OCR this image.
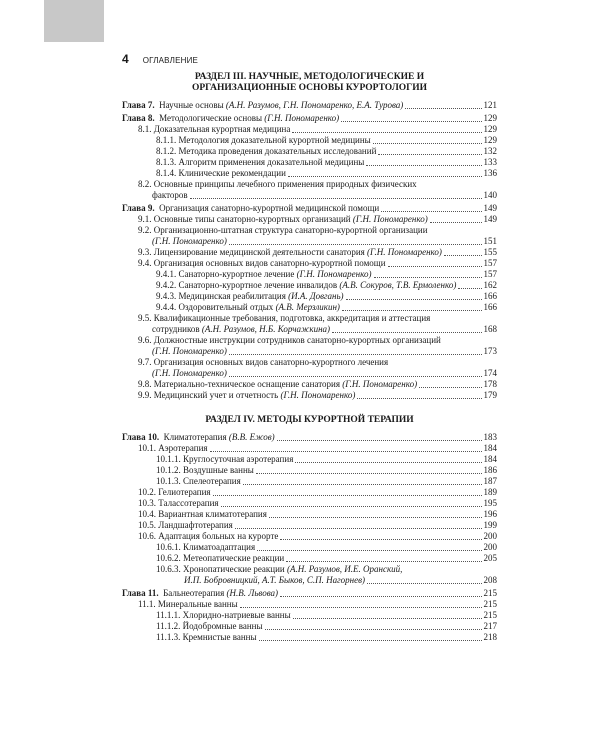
4 ОГЛАВЛЕНИЕ
РАЗДЕЛ III. НАУЧНЫЕ, МЕТОДОЛОГИЧЕСКИЕ И ОРГАНИЗАЦИОННЫЕ ОСНОВЫ КУРОРТОЛОГИИ
Глава 7. Научные основы (А.Н. Разумов, Г.Н. Пономаренко, Е.А. Турова)	121
Глава 8. Методологические основы (Г.Н. Пономаренко)	129
8.1. Доказательная курортная медицина	129
8.1.1. Методология доказательной курортной медицины	129
8.1.2. Методика проведения доказательных исследований	132
8.1.3. Алгоритм применения доказательной медицины	133
8.1.4. Клинические рекомендации	136
8.2. Основные принципы лечебного применения природных физических
факторов	140
Глава 9. Организация санаторно-курортной медицинской помощи	149
9.1. Основные типы санаторно-курортных организаций (Г.Н. Пономаренко)	149
9.2. Организационно-штатная структура санаторно-курортной организации
(Г.Н. Пономаренко)	151
9.3. Лицензирование медицинской деятельности санатория (Г.Н. Пономаренко)	155
9.4. Организация основных видов санаторно-курортной помощи	157
9.4.1. Санаторно-курортное лечение (Г.Н. Пономаренко)	157
9.4.2. Санаторно-курортное лечение инвалидов (А.В. Сокуров, Т.В. Ермоленко)	162
9.4.3. Медицинская реабилитация (И.А. Довгань)	166
9.4.4. Оздоровительный отдых (А.В. Мерзликин)	166
9.5. Квалификационные требования, подготовка, аккредитация и аттестация
сотрудников (А.Н. Разумов, Н.Б. Корчажкина)	168
9.6. Должностные инструкции сотрудников санаторно-курортных организаций
(Г.Н. Пономаренко)	173
9.7. Организация основных видов санаторно-курортного лечения
(Г.Н. Пономаренко)	174
9.8. Материально-техническое оснащение санатория (Г.Н. Пономаренко)	178
9.9. Медицинский учет и отчетность (Г.Н. Пономаренко)	179
РАЗДЕЛ IV. МЕТОДЫ КУРОРТНОЙ ТЕРАПИИ
Глава 10. Климатотерапия (В.В. Ежов)	183
10.1. Аэротерапия	184
10.1.1. Круглосуточная аэротерапия	184
10.1.2. Воздушные ванны	186
10.1.3. Спелеотерапия	187
10.2. Гелиотерапия	189
10.3. Талассотерапия	195
10.4. Вариантная климатотерапия	196
10.5. Ландшафтотерапия	199
10.6. Адаптация больных на курорте	200
10.6.1. Климатоадаптация	200
10.6.2. Метеопатические реакции	205
10.6.3. Хронопатические реакции (А.Н. Разумов, И.Е. Оранский,
И.П. Бобровницкий, А.Т. Быков, С.П. Нагорнев)	208
Глава 11. Бальнеотерапия (Н.В. Львова)	215
11.1. Минеральные ванны	215
11.1.1. Хлоридно-натриевые ванны	215
11.1.2. Йодобромные ванны	217
11.1.3. Кремнистые ванны	218
